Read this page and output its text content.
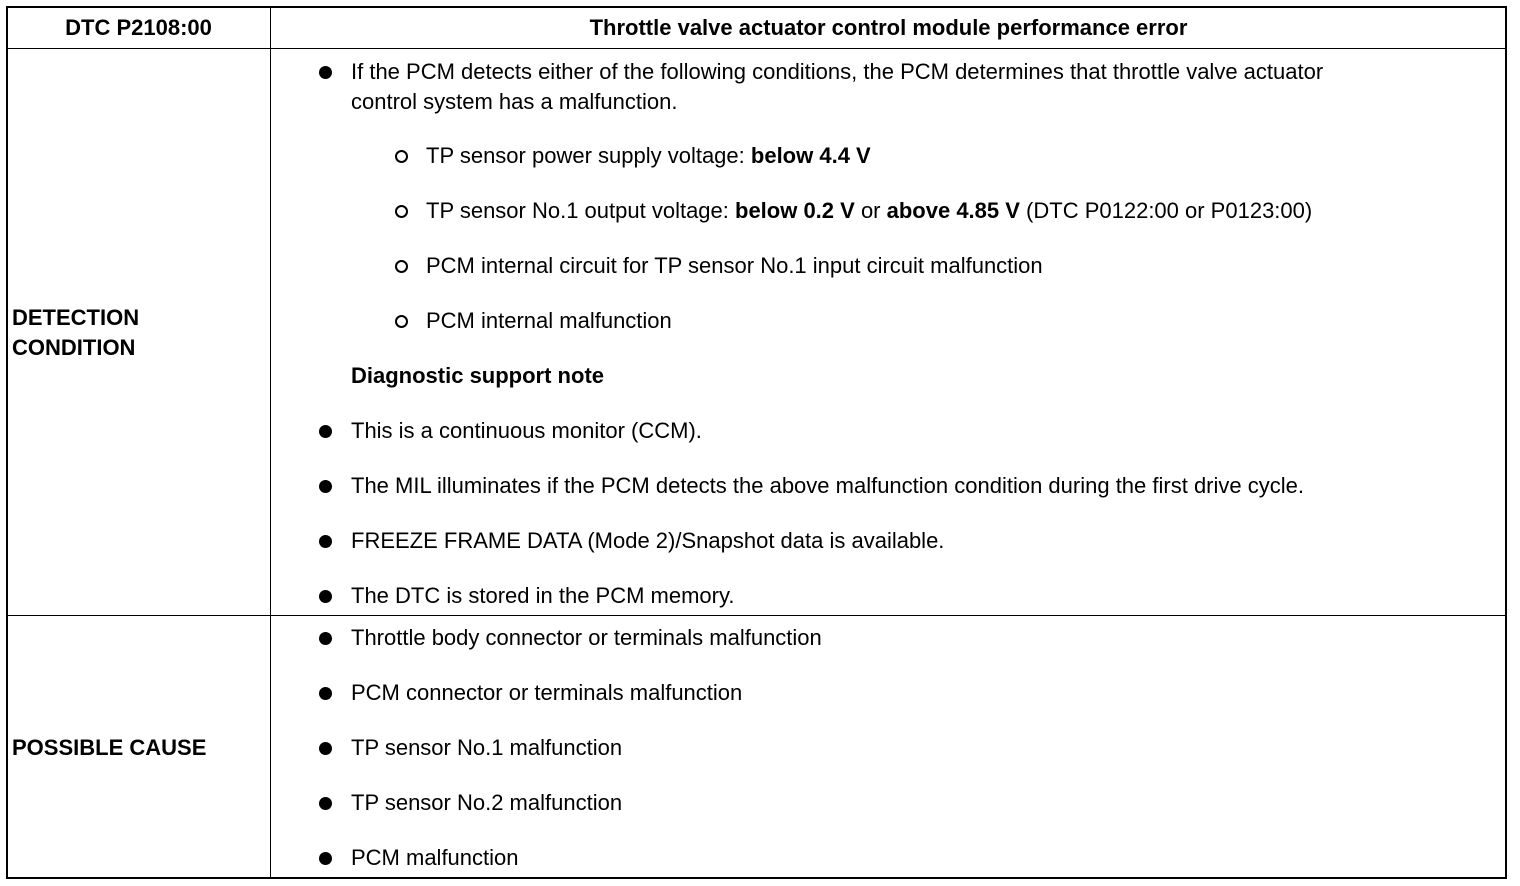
DTC P2108:00	Throttle valve actuator control module performance error
DETECTION
CONDITION
If the PCM detects either of the following conditions, the PCM determines that throttle valve actuator
control system has a malfunction.
TP sensor power supply voltage: below 4.4 V
TP sensor No.1 output voltage: below 0.2 V or above 4.85 V (DTC P0122:00 or P0123:00)
PCM internal circuit for TP sensor No.1 input circuit malfunction
PCM internal malfunction
Diagnostic support note
This is a continuous monitor (CCM).
The MIL illuminates if the PCM detects the above malfunction condition during the first drive cycle.
FREEZE FRAME DATA (Mode 2)/Snapshot data is available.
The DTC is stored in the PCM memory.
POSSIBLE CAUSE
Throttle body connector or terminals malfunction
PCM connector or terminals malfunction
TP sensor No.1 malfunction
TP sensor No.2 malfunction
PCM malfunction
